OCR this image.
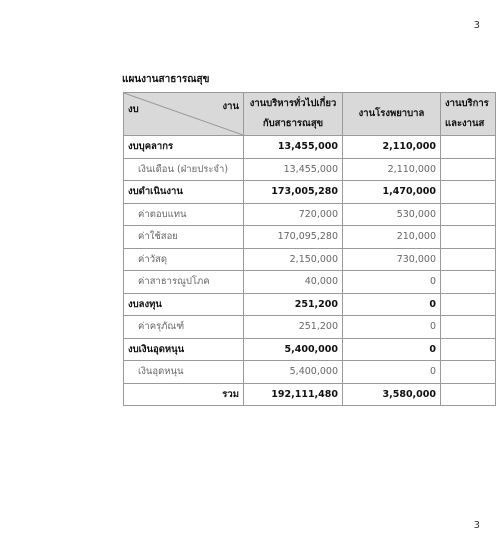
3
แผนงานสาธารณสุข
งาน
งบ	งานบริหารทั่วไปเกี่ยวกับสาธารณสุข	งานโรงพยาบาล	งานบริการ
และงานส

งบบุคลากร	13,455,000	2,110,000	
เงินเดือน (ฝ่ายประจำ)	13,455,000	2,110,000	
งบดำเนินงาน	173,005,280	1,470,000	
ค่าตอบแทน	720,000	530,000	
ค่าใช้สอย	170,095,280	210,000	
ค่าวัสดุ	2,150,000	730,000	
ค่าสาธารณูปโภค	40,000	0	
งบลงทุน	251,200	0	
ค่าครุภัณฑ์	251,200	0	
งบเงินอุดหนุน	5,400,000	0	
เงินอุดหนุน	5,400,000	0	
รวม	192,111,480	3,580,000	
3
